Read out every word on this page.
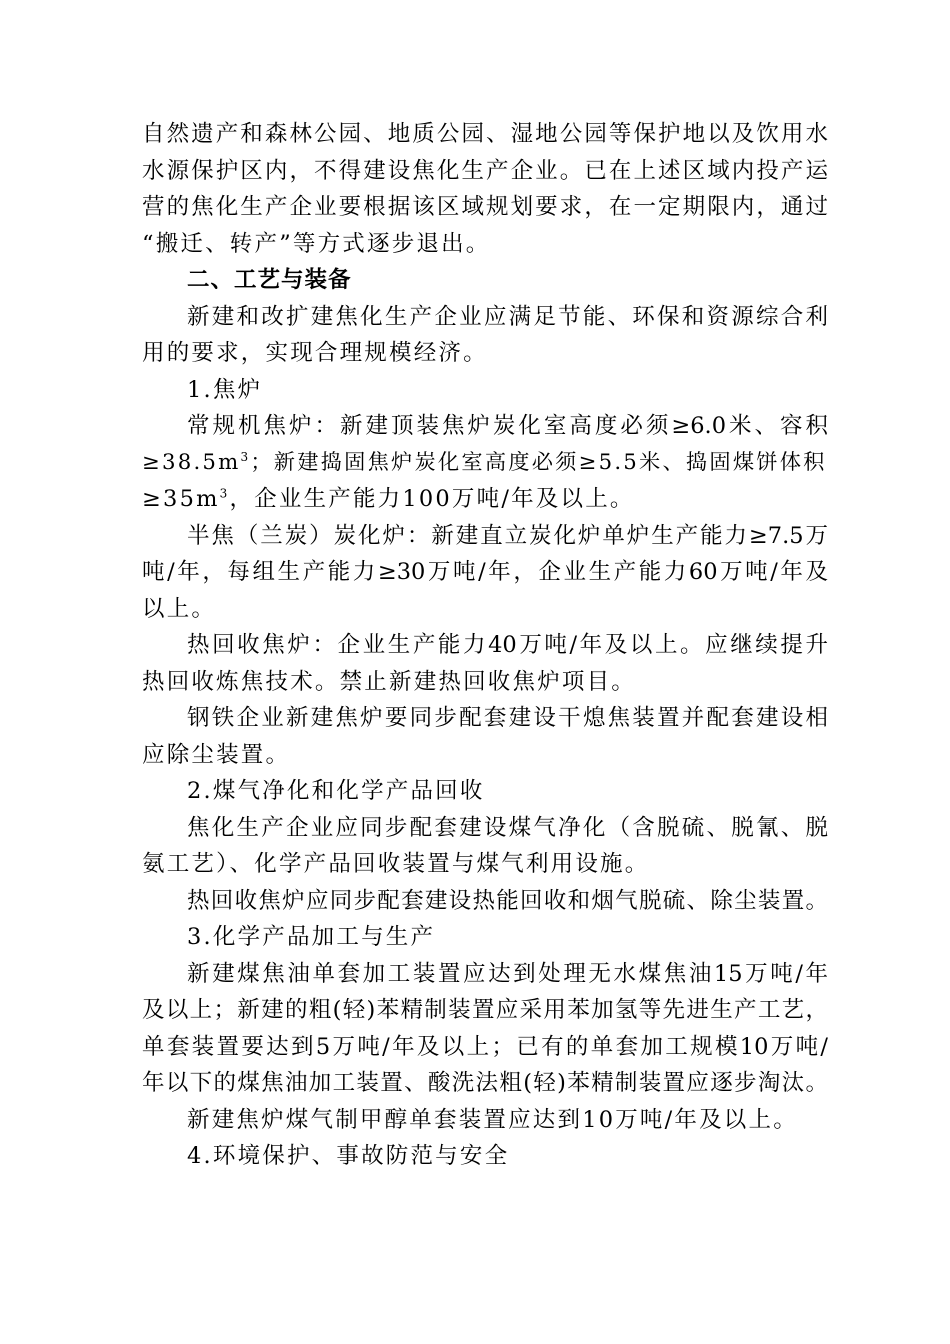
自然遗产和森林公园、地质公园、湿地公园等保护地以及饮用水
水源保护区内，不得建设焦化生产企业。已在上述区域内投产运
营的焦化生产企业要根据该区域规划要求，在一定期限内，通过
“搬迁、转产”等方式逐步退出。
二、工艺与装备
新建和改扩建焦化生产企业应满足节能、环保和资源综合利
用的要求，实现合理规模经济。
1.焦炉
常规机焦炉：新建顶装焦炉炭化室高度必须≥6.0米、容积
$\ge 38.5m^3$；新建捣固焦炉炭化室高度必须≥5.5米、捣固煤饼体积
$\ge 35m^3$，企业生产能力100万吨/年及以上。
半焦（兰炭）炭化炉：新建直立炭化炉单炉生产能力≥7.5万
吨/年，每组生产能力≥30万吨/年，企业生产能力60万吨/年及
以上。
热回收焦炉：企业生产能力40万吨/年及以上。应继续提升
热回收炼焦技术。禁止新建热回收焦炉项目。
钢铁企业新建焦炉要同步配套建设干熄焦装置并配套建设相
应除尘装置。
2.煤气净化和化学产品回收
焦化生产企业应同步配套建设煤气净化（含脱硫、脱氰、脱
氨工艺）、化学产品回收装置与煤气利用设施。
热回收焦炉应同步配套建设热能回收和烟气脱硫、除尘装置。
3.化学产品加工与生产
新建煤焦油单套加工装置应达到处理无水煤焦油15万吨/年
及以上；新建的粗(轻)苯精制装置应采用苯加氢等先进生产工艺，
单套装置要达到5万吨/年及以上；已有的单套加工规模10万吨/
年以下的煤焦油加工装置、酸洗法粗(轻)苯精制装置应逐步淘汰。
新建焦炉煤气制甲醇单套装置应达到10万吨/年及以上。
4.环境保护、事故防范与安全
